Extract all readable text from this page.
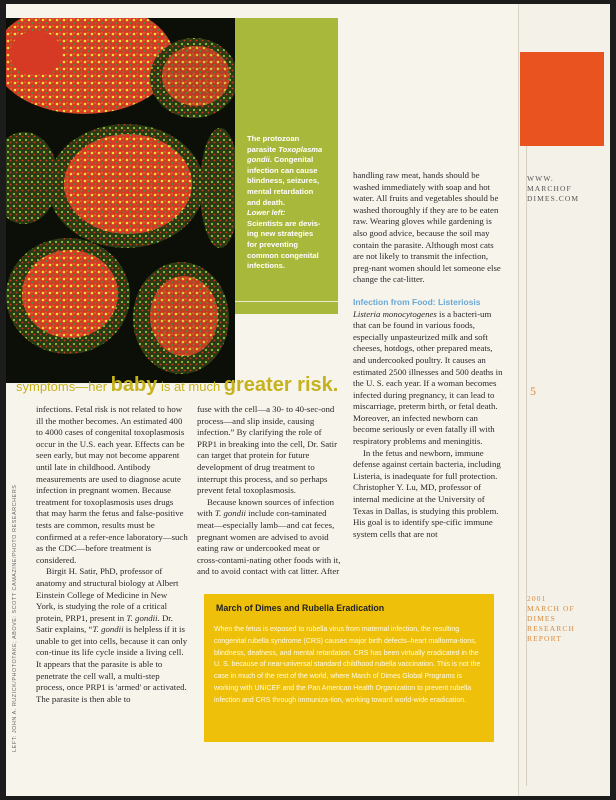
WWW.
MARCHOF
DIMES.COM
5
2001
MARCH OF
DIMES
RESEARCH
REPORT
LEFT: JOHN A. RUZICK/PHOTOTAKE; ABOVE: SCOTT CAMAZINE/PHOTO RESEARCHERS
The protozoan
parasite Toxoplasma
gondii. Congenital
infection can cause
blindness, seizures,
mental retardation
and death.
Lower left:
Scientists are devis-
ing new strategies
for preventing
common congenital
infections.
symptoms—her baby is at much greater risk.

infections. Fetal risk is not related to how ill the mother becomes. An estimated 400 to 4000 cases of congenital toxoplasmosis occur in the U.S. each year. Effects can be seen early, but may not become apparent until late in childhood. Antibody measurements are used to diagnose acute infection in pregnant women. Because treatment for toxoplasmosis uses drugs that may harm the fetus and false-positive tests are common, results must be confirmed at a refer-ence laboratory—such as the CDC—before treatment is considered.

Birgit H. Satir, PhD, professor of anatomy and structural biology at Albert Einstein College of Medicine in New York, is studying the role of a critical protein, PRP1, present in T. gondii. Dr. Satir explains, “T. gondii is helpless if it is unable to get into cells, because it can only con-tinue its life cycle inside a living cell. It appears that the parasite is able to penetrate the cell wall, a multi-step process, once PRP1 is 'armed' or activated. The parasite is then able to

fuse with the cell—a 30- to 40-sec-ond process—and slip inside, causing infection.” By clarifying the role of PRP1 in breaking into the cell, Dr. Satir can target that protein for future development of drug treatment to interrupt this process, and so perhaps prevent fetal toxoplasmosis.

Because known sources of infection with T. gondii include con-taminated meat—especially lamb—and cat feces, pregnant women are advised to avoid eating raw or undercooked meat or cross-contami-nating other foods with it, and to avoid contact with cat litter. After

handling raw meat, hands should be washed immediately with soap and hot water. All fruits and vegetables should be washed thoroughly if they are to be eaten raw. Wearing gloves while gardening is also good advice, because the soil may contain the parasite. Although most cats are not likely to transmit the infection, preg-nant women should let someone else change the cat-litter.

Infection from Food: Listeriosis

Listeria monocytogenes is a bacteri-um that can be found in various foods, especially unpasteurized milk and soft cheeses, hotdogs, other prepared meats, and undercooked poultry. It causes an estimated 2500 illnesses and 500 deaths in the U. S. each year. If a woman becomes infected during pregnancy, it can lead to miscarriage, preterm birth, or fetal death. Moreover, an infected newborn can become seriously or even fatally ill with respiratory problems and meningitis.

In the fetus and newborn, immune defense against certain bacteria, including Listeria, is inadequate for full protection. Christopher Y. Lu, MD, professor of internal medicine at the University of Texas in Dallas, is studying this problem. His goal is to identify spe-cific immune system cells that are not

March of Dimes and Rubella Eradication
When the fetus is exposed to rubella virus from maternal infection, the resulting congenital rubella syndrome (CRS) causes major birth defects–heart malforma-tions, blindness, deafness, and mental retardation. CRS has been virtually eradicated in the U. S. because of near-universal standard childhood rubella vaccination. This is not the case in much of the rest of the world, where March of Dimes Global Programs is working with UNICEF and the Pan American Health Organization to prevent rubella infection and CRS through immuniza-tion, working toward world-wide eradication.
